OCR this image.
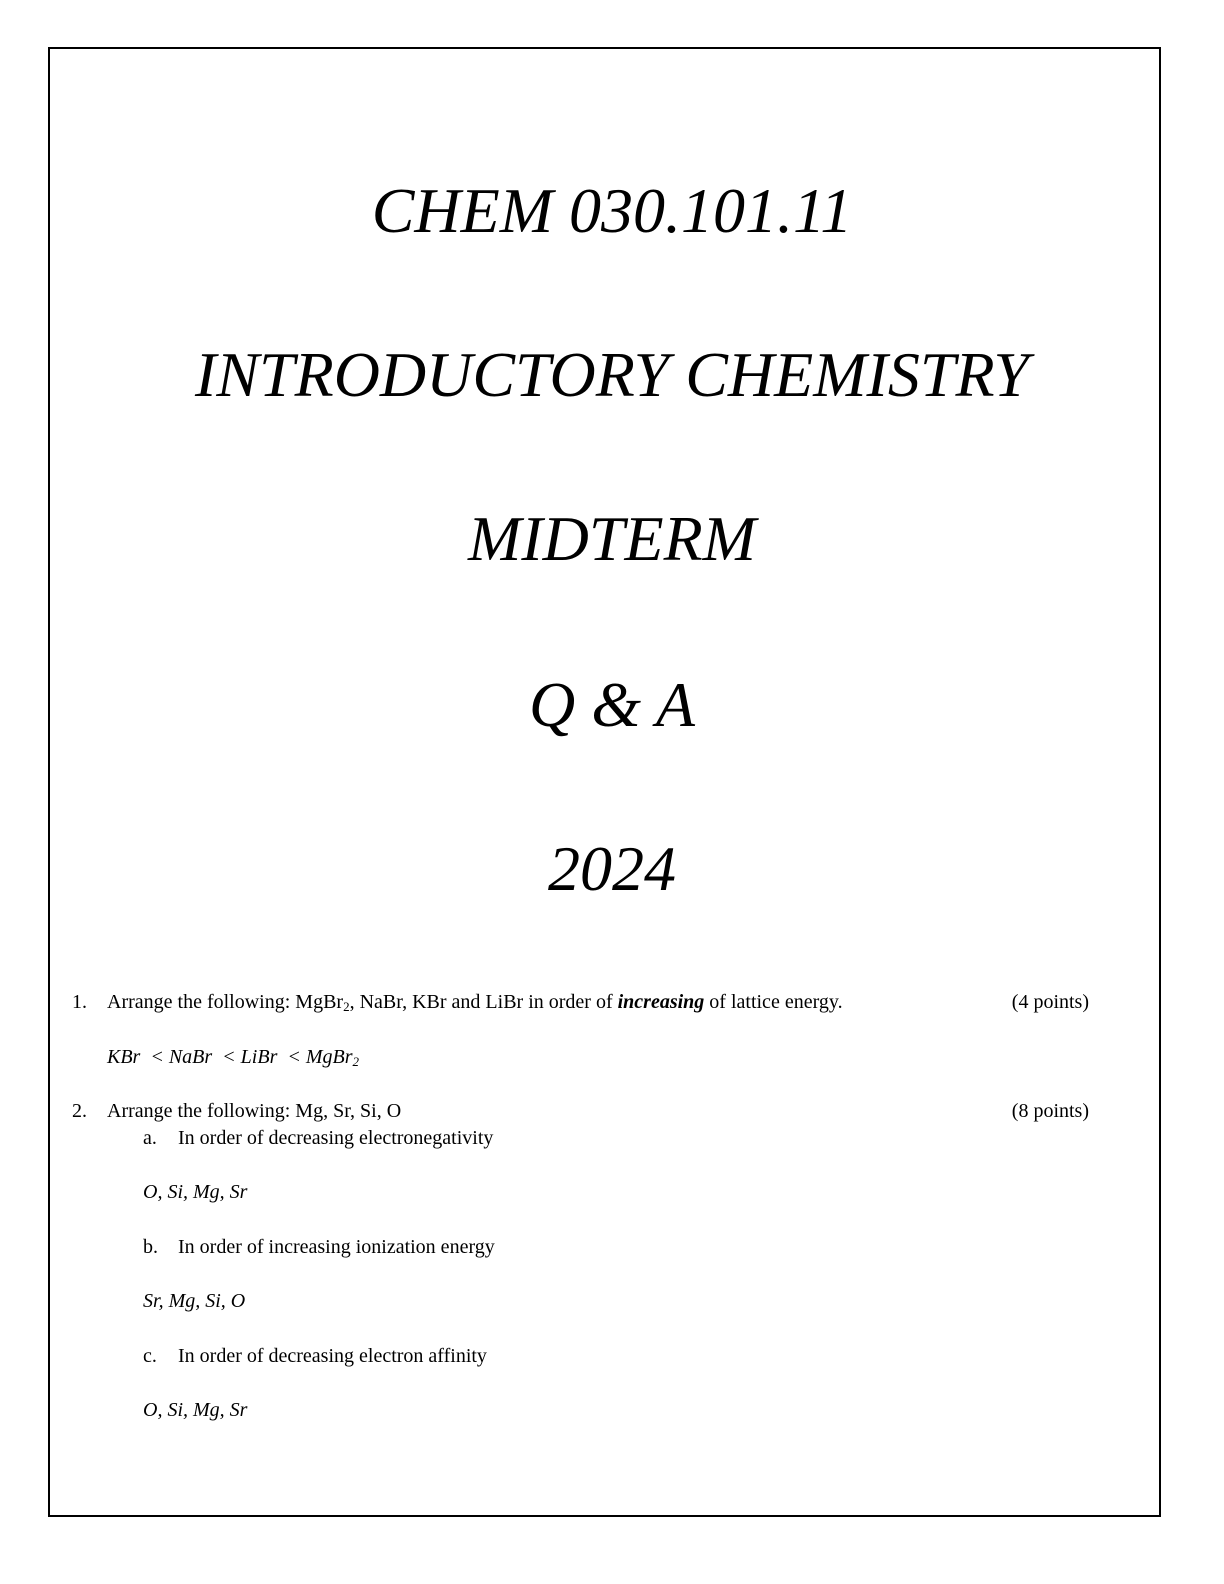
CHEM 030.101.11
INTRODUCTORY CHEMISTRY
MIDTERM
Q & A
2024
1. Arrange the following: MgBr$_2$, NaBr, KBr and LiBr in order of increasing of lattice energy.	(4 points)
KBr  < NaBr  < LiBr  < MgBr$_2$
2. Arrange the following: Mg, Sr, Si, O	(8 points)
a. In order of decreasing electronegativity
O, Si, Mg, Sr
b. In order of increasing ionization energy
Sr, Mg, Si, O
c. In order of decreasing electron affinity
O, Si, Mg, Sr
